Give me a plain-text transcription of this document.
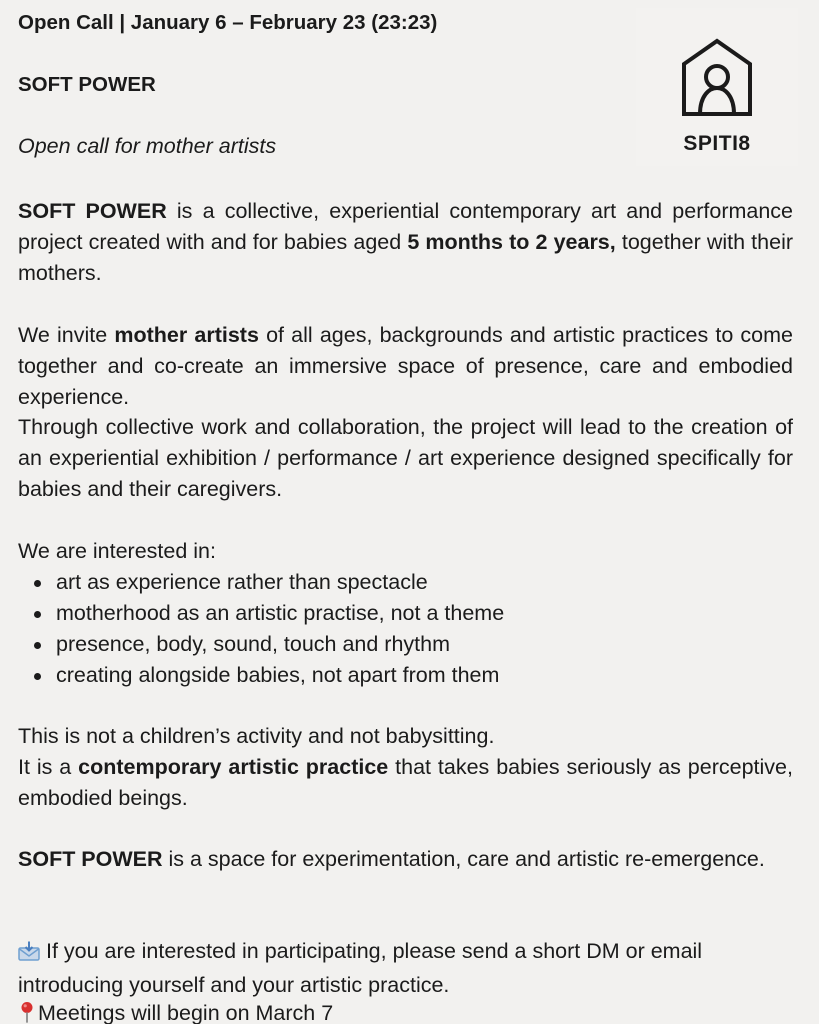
SPITI8
Open Call | January 6 – February 23 (23:23)
SOFT POWER
Open call for mother artists

SOFT POWER is a collective, experiential contemporary art and performance project created with and for babies aged 5 months to 2 years, together with their mothers.

We invite mother artists of all ages, backgrounds and artistic practices to come together and co-create an immersive space of presence, care and embodied experience.

Through collective work and collaboration, the project will lead to the creation of an experiential exhibition / performance / art experience designed specifically for babies and their caregivers.

We are interested in:
art as experience rather than spectacle
motherhood as an artistic practise, not a theme
presence, body, sound, touch and rhythm
creating alongside babies, not apart from them
This is not a children’s activity and not babysitting.

It is a contemporary artistic practice that takes babies seriously as perceptive, embodied beings.

SOFT POWER is a space for experimentation, care and artistic re-emergence.

If you are interested in participating, please send a short DM or email introducing yourself and your artistic practice.

Meetings will begin on March 7
